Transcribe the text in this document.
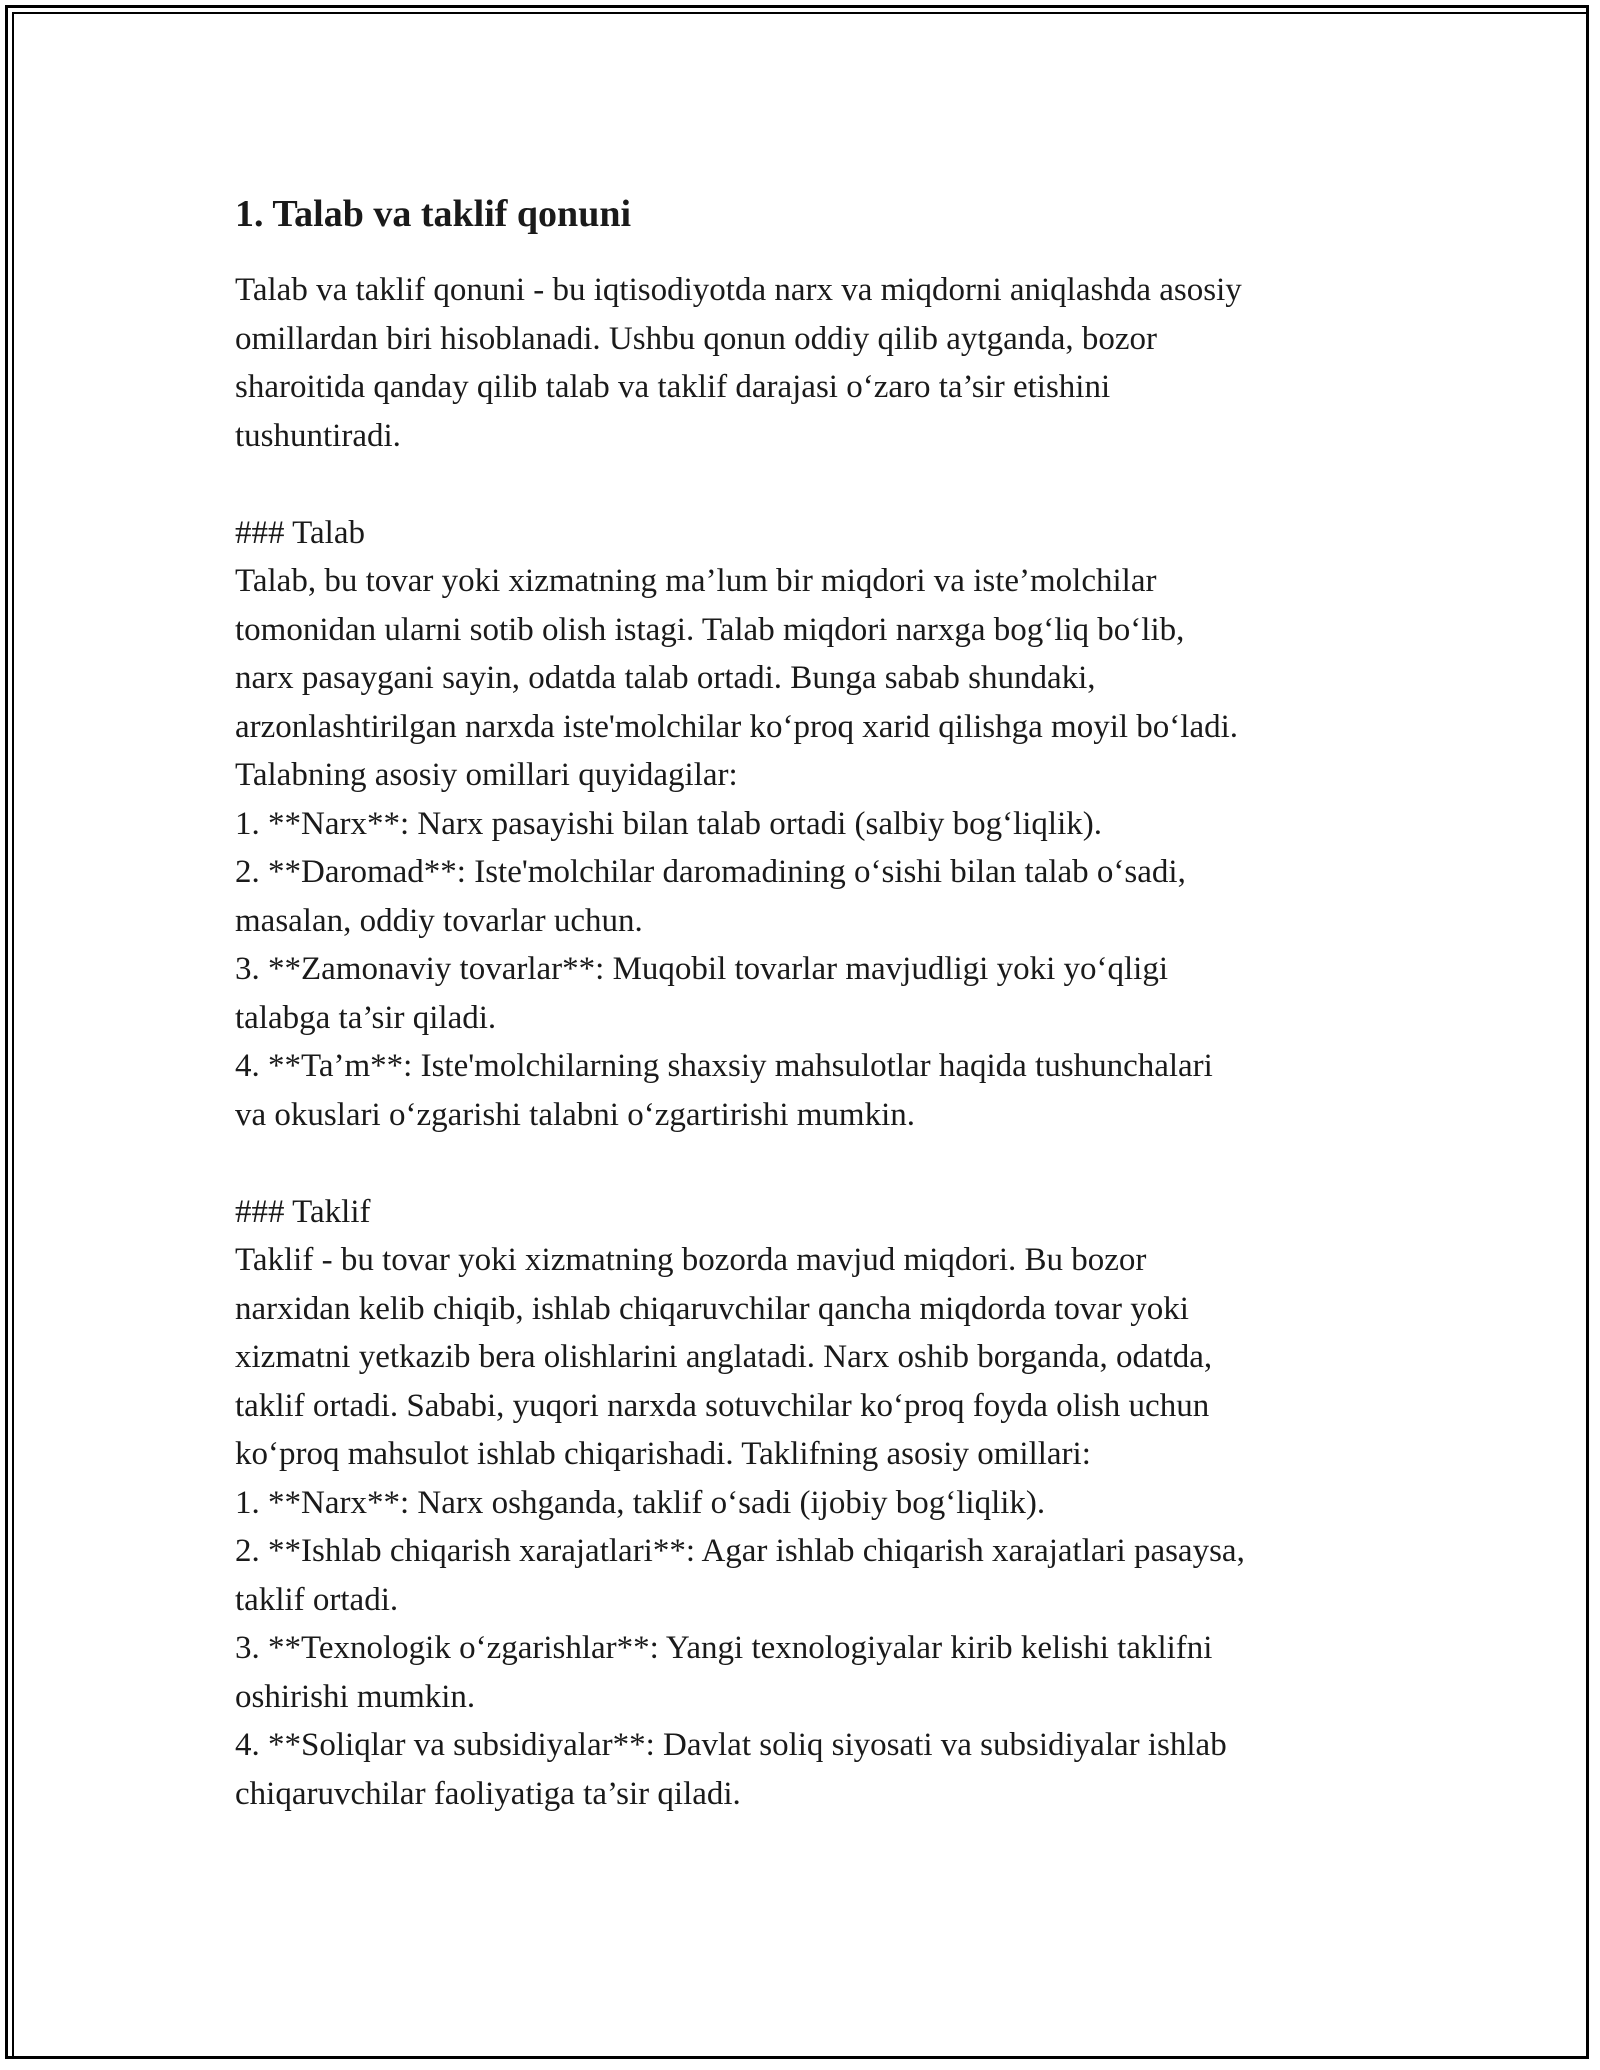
1. Talab va taklif qonuni
Talab va taklif qonuni - bu iqtisodiyotda narx va miqdorni aniqlashda asosiy
omillardan biri hisoblanadi. Ushbu qonun oddiy qilib aytganda, bozor
sharoitida qanday qilib talab va taklif darajasi o‘zaro ta’sir etishini
tushuntiradi.
### Talab
Talab, bu tovar yoki xizmatning ma’lum bir miqdori va iste’molchilar
tomonidan ularni sotib olish istagi. Talab miqdori narxga bog‘liq bo‘lib,
narx pasaygani sayin, odatda talab ortadi. Bunga sabab shundaki,
arzonlashtirilgan narxda iste'molchilar ko‘proq xarid qilishga moyil bo‘ladi.
Talabning asosiy omillari quyidagilar:
1. **Narx**: Narx pasayishi bilan talab ortadi (salbiy bog‘liqlik).
2. **Daromad**: Iste'molchilar daromadining o‘sishi bilan talab o‘sadi,
masalan, oddiy tovarlar uchun.
3. **Zamonaviy tovarlar**: Muqobil tovarlar mavjudligi yoki yo‘qligi
talabga ta’sir qiladi.
4. **Ta’m**: Iste'molchilarning shaxsiy mahsulotlar haqida tushunchalari
va okuslari o‘zgarishi talabni o‘zgartirishi mumkin.
### Taklif
Taklif - bu tovar yoki xizmatning bozorda mavjud miqdori. Bu bozor
narxidan kelib chiqib, ishlab chiqaruvchilar qancha miqdorda tovar yoki
xizmatni yetkazib bera olishlarini anglatadi. Narx oshib borganda, odatda,
taklif ortadi. Sababi, yuqori narxda sotuvchilar ko‘proq foyda olish uchun
ko‘proq mahsulot ishlab chiqarishadi. Taklifning asosiy omillari:
1. **Narx**: Narx oshganda, taklif o‘sadi (ijobiy bog‘liqlik).
2. **Ishlab chiqarish xarajatlari**: Agar ishlab chiqarish xarajatlari pasaysa,
taklif ortadi.
3. **Texnologik o‘zgarishlar**: Yangi texnologiyalar kirib kelishi taklifni
oshirishi mumkin.
4. **Soliqlar va subsidiyalar**: Davlat soliq siyosati va subsidiyalar ishlab
chiqaruvchilar faoliyatiga ta’sir qiladi.
